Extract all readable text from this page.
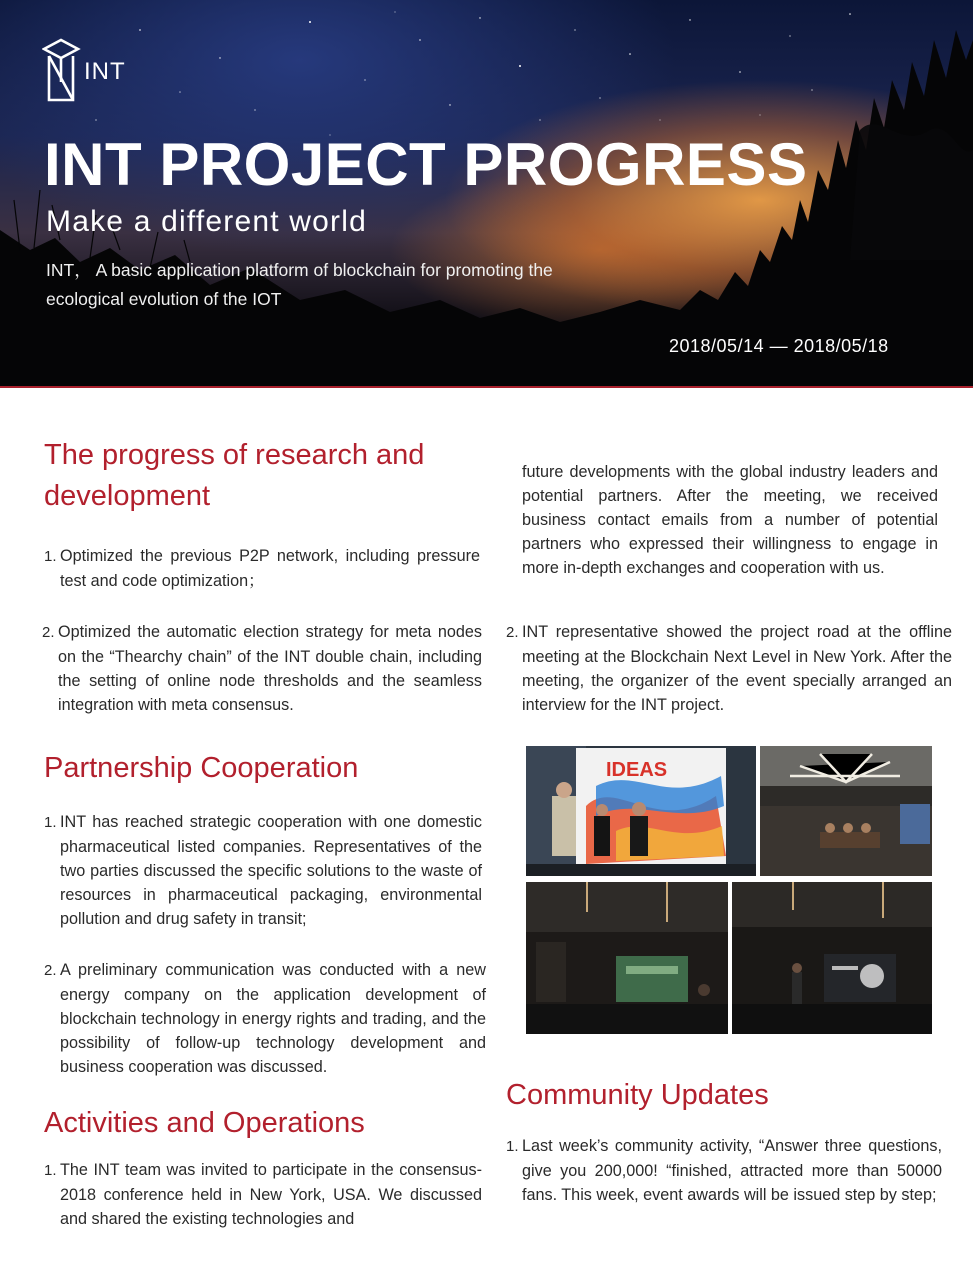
INT
INT PROJECT PROGRESS
Make a different world
INT， A basic application platform of blockchain for promoting the ecological evolution of the IOT
2018/05/14 — 2018/05/18
The progress of research and development
1. Optimized the previous P2P network, including pressure test and code optimization；
2. Optimized the automatic election strategy for meta nodes on the “Thearchy chain” of the INT double chain, including the setting of online node thresholds and the seamless integration with meta consensus.
Partnership Cooperation
1. INT has reached strategic cooperation with one domestic pharmaceutical listed companies. Representatives of the two parties discussed the specific solutions to the waste of resources in pharmaceutical packaging, environmental pollution and drug safety in transit;
2. A preliminary communication was conducted with a new energy company on the application development of blockchain technology in energy rights and trading, and the possibility of follow-up technology development and business cooperation was discussed.
Activities and Operations
1. The INT team was invited to participate in the consensus-2018 conference held in New York, USA. We discussed and shared the existing technologies and
future developments with the global industry leaders and potential partners. After the meeting, we received business contact emails from a number of potential partners who expressed their willingness to engage in more in-depth exchanges and cooperation with us.
2. INT representative showed the project road at the offline meeting at the Blockchain Next Level in New York. After the meeting, the organizer of the event specially arranged an interview for the INT project.
IDEAS
Community Updates
1. Last week’s community activity, “Answer three questions, give you 200,000! “finished, attracted more than 50000 fans. This week, event awards will be issued step by step;
